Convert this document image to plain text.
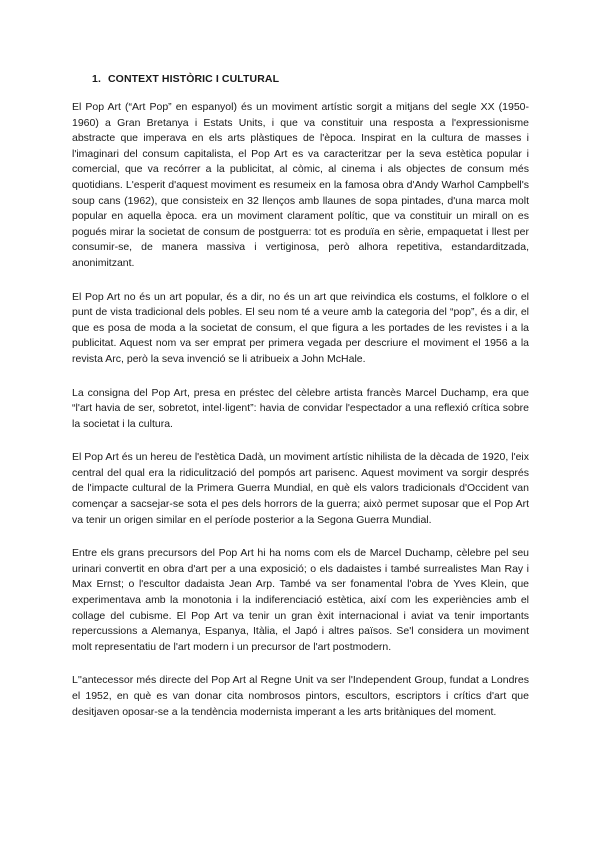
1. CONTEXT HISTÒRIC I CULTURAL

El Pop Art (“Art Pop” en espanyol) és un moviment artístic sorgit a mitjans del segle XX (1950-1960) a Gran Bretanya i Estats Units, i que va constituir una resposta a l'expressionisme abstracte que imperava en els arts plàstiques de l'època. Inspirat en la cultura de masses i l'imaginari del consum capitalista, el Pop Art es va caracteritzar per la seva estètica popular i comercial, que va recórrer a la publicitat, al còmic, al cinema i als objectes de consum més quotidians. L'esperit d'aquest moviment es resumeix en la famosa obra d'Andy Warhol Campbell's soup cans (1962), que consisteix en 32 llenços amb llaunes de sopa pintades, d'una marca molt popular en aquella època. era un moviment clarament polític, que va constituir un mirall on es pogués mirar la societat de consum de postguerra: tot es produïa en sèrie, empaquetat i llest per consumir-se, de manera massiva i vertiginosa, però alhora repetitiva, estandarditzada, anonimitzant.

El Pop Art no és un art popular, és a dir, no és un art que reivindica els costums, el folklore o el punt de vista tradicional dels pobles. El seu nom té a veure amb la categoria del “pop”, és a dir, el que es posa de moda a la societat de consum, el que figura a les portades de les revistes i a la publicitat. Aquest nom va ser emprat per primera vegada per descriure el moviment el 1956 a la revista Arc, però la seva invenció se li atribueix a John McHale.

La consigna del Pop Art, presa en préstec del cèlebre artista francès Marcel Duchamp, era que “l'art havia de ser, sobretot, intel·ligent”: havia de convidar l'espectador a una reflexió crítica sobre la societat i la cultura.

El Pop Art és un hereu de l'estètica Dadà, un moviment artístic nihilista de la dècada de 1920, l'eix central del qual era la ridiculització del pompós art parisenc. Aquest moviment va sorgir després de l'impacte cultural de la Primera Guerra Mundial, en què els valors tradicionals d'Occident van començar a sacsejar-se sota el pes dels horrors de la guerra; això permet suposar que el Pop Art va tenir un origen similar en el període posterior a la Segona Guerra Mundial.

Entre els grans precursors del Pop Art hi ha noms com els de Marcel Duchamp, cèlebre pel seu urinari convertit en obra d'art per a una exposició; o els dadaistes i també surrealistes Man Ray i Max Ernst; o l'escultor dadaista Jean Arp. També va ser fonamental l'obra de Yves Klein, que experimentava amb la monotonia i la indiferenciació estètica, així com les experiències amb el collage del cubisme. El Pop Art va tenir un gran èxit internacional i aviat va tenir importants repercussions a Alemanya, Espanya, Itàlia, el Japó i altres països. Se'l considera un moviment molt representatiu de l'art modern i un precursor de l'art postmodern.

L''antecessor més directe del Pop Art al Regne Unit va ser l'Independent Group, fundat a Londres el 1952, en què es van donar cita nombrosos pintors, escultors, escriptors i crítics d'art que desitjaven oposar-se a la tendència modernista imperant a les arts britàniques del moment.
